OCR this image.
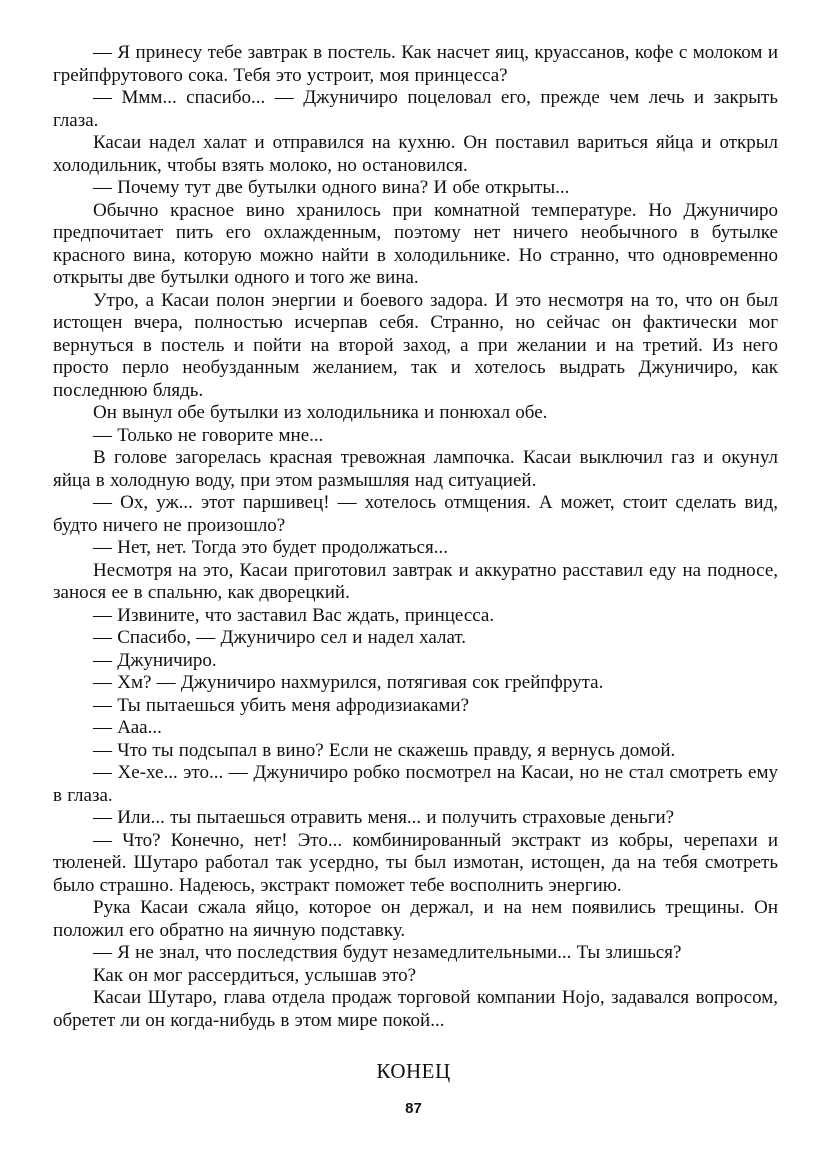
— Я принесу тебе завтрак в постель. Как насчет яиц, круассанов, кофе с молоком и грейпфрутового сока. Тебя это устроит, моя принцесса?

— Ммм... спасибо... — Джуничиро поцеловал его, прежде чем лечь и закрыть глаза.

Касаи надел халат и отправился на кухню. Он поставил вариться яйца и открыл холодильник, чтобы взять молоко, но остановился.

— Почему тут две бутылки одного вина? И обе открыты...

Обычно красное вино хранилось при комнатной температуре. Но Джуничиро предпочитает пить его охлажденным, поэтому нет ничего необычного в бутылке красного вина, которую можно найти в холодильнике. Но странно, что одновременно открыты две бутылки одного и того же вина.

Утро, а Касаи полон энергии и боевого задора. И это несмотря на то, что он был истощен вчера, полностью исчерпав себя. Странно, но сейчас он фактически мог вернуться в постель и пойти на второй заход, а при желании и на третий. Из него просто перло необузданным желанием, так и хотелось выдрать Джуничиро, как последнюю блядь.

Он вынул обе бутылки из холодильника и понюхал обе.

— Только не говорите мне...

В голове загорелась красная тревожная лампочка. Касаи выключил газ и окунул яйца в холодную воду, при этом размышляя над ситуацией.

— Ох, уж... этот паршивец! — хотелось отмщения. А может, стоит сделать вид, будто ничего не произошло?

— Нет, нет. Тогда это будет продолжаться...

Несмотря на это, Касаи приготовил завтрак и аккуратно расставил еду на подносе, занося ее в спальню, как дворецкий.

— Извините, что заставил Вас ждать, принцесса.

— Спасибо, — Джуничиро сел и надел халат.

— Джуничиро.

— Хм? — Джуничиро нахмурился, потягивая сок грейпфрута.

— Ты пытаешься убить меня афродизиаками?

— Ааа...

— Что ты подсыпал в вино? Если не скажешь правду, я вернусь домой.

— Хе-хе... это... — Джуничиро робко посмотрел на Касаи, но не стал смотреть ему в глаза.

— Или... ты пытаешься отравить меня... и получить страховые деньги?

— Что? Конечно, нет! Это... комбинированный экстракт из кобры, черепахи и тюленей. Шутаро работал так усердно, ты был измотан, истощен, да на тебя смотреть было страшно. Надеюсь, экстракт поможет тебе восполнить энергию.

Рука Касаи сжала яйцо, которое он держал, и на нем появились трещины. Он положил его обратно на яичную подставку.

— Я не знал, что последствия будут незамедлительными... Ты злишься?

Как он мог рассердиться, услышав это?

Касаи Шутаро, глава отдела продаж торговой компании Hojo, задавался вопросом, обретет ли он когда-нибудь в этом мире покой...

КОНЕЦ
87
